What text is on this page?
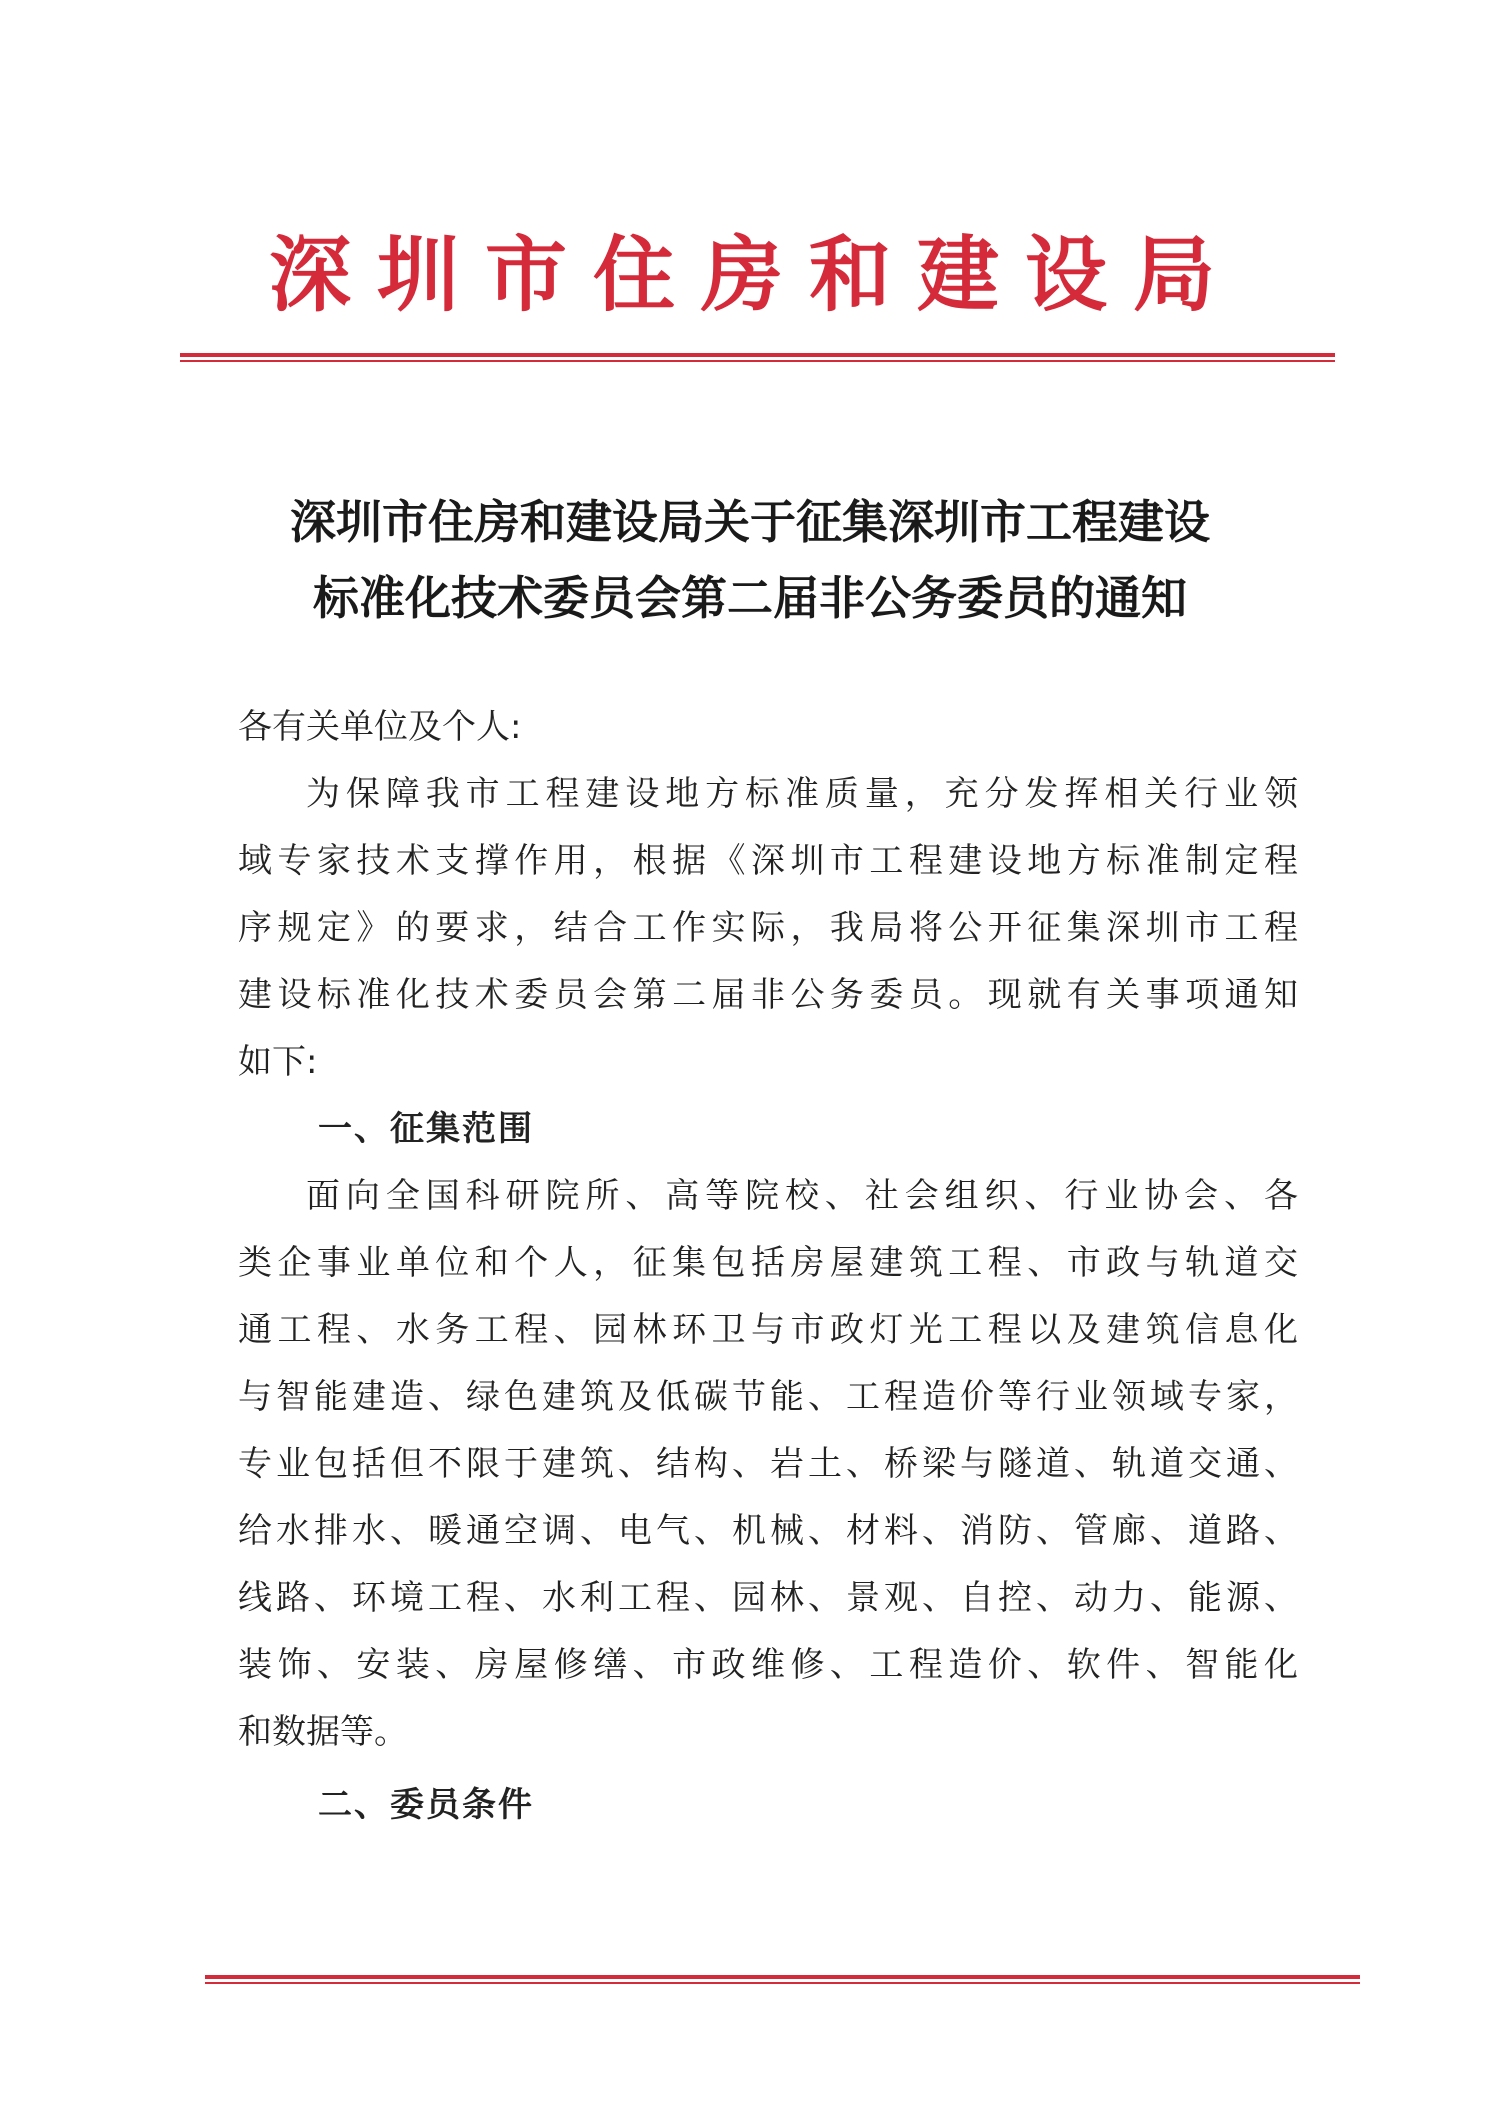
深圳市住房和建设局
深圳市住房和建设局关于征集深圳市工程建设
标准化技术委员会第二届非公务委员的通知
各有关单位及个人:
为保障我市工程建设地方标准质量，充分发挥相关行业领
域专家技术支撑作用，根据《深圳市工程建设地方标准制定程
序规定》的要求，结合工作实际，我局将公开征集深圳市工程
建设标准化技术委员会第二届非公务委员。现就有关事项通知
如下:
一、征集范围
面向全国科研院所、高等院校、社会组织、行业协会、各
类企事业单位和个人，征集包括房屋建筑工程、市政与轨道交
通工程、水务工程、园林环卫与市政灯光工程以及建筑信息化
与智能建造、绿色建筑及低碳节能、工程造价等行业领域专家，
专业包括但不限于建筑、结构、岩土、桥梁与隧道、轨道交通、
给水排水、暖通空调、电气、机械、材料、消防、管廊、道路、
线路、环境工程、水利工程、园林、景观、自控、动力、能源、
装饰、安装、房屋修缮、市政维修、工程造价、软件、智能化
和数据等。
二、委员条件
